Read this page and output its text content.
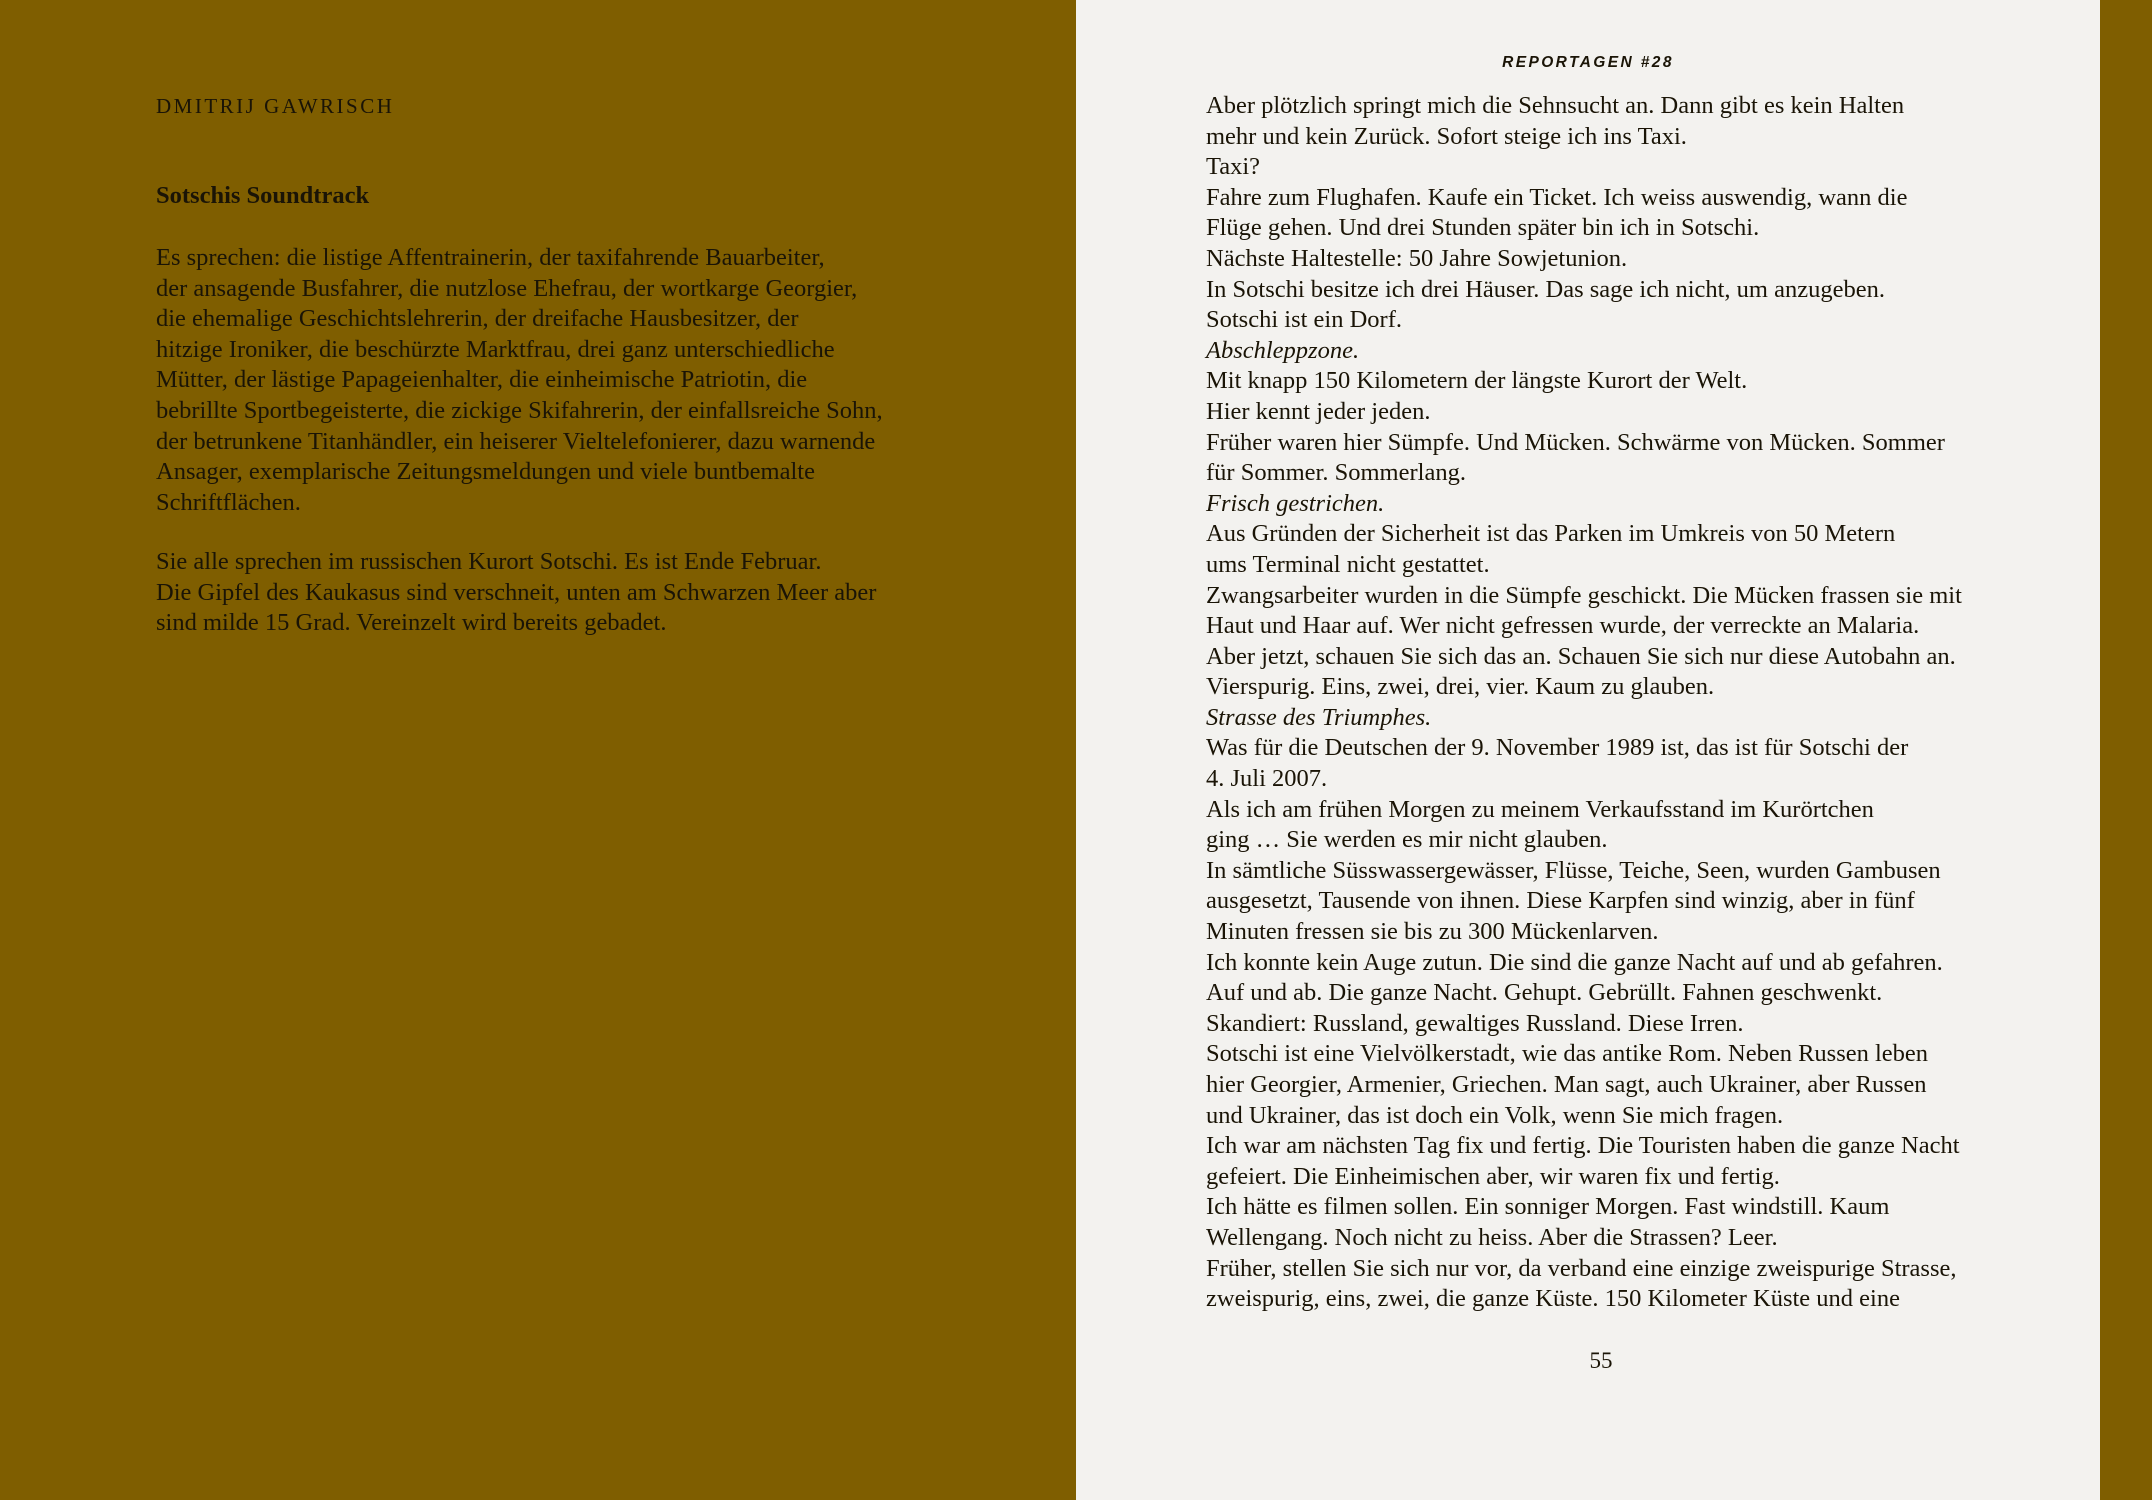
DMITRIJ GAWRISCH

Sotschis Soundtrack
Es sprechen: die listige Affentrainerin, der taxifahrende Bauarbeiter,
der ansagende Busfahrer, die nutzlose Ehefrau, der wortkarge Georgier,
die ehemalige Geschichtslehrerin, der dreifache Hausbesitzer, der
hitzige Ironiker, die beschürzte Marktfrau, drei ganz unterschiedliche
Mütter, der lästige Papageienhalter, die einheimische Patriotin, die
bebrillte Sportbegeisterte, die zickige Skifahrerin, der einfallsreiche Sohn,
der betrunkene Titanhändler, ein heiserer Vieltelefonierer, dazu warnende
Ansager, exemplarische Zeitungsmeldungen und viele buntbemalte
Schriftflächen.
Sie alle sprechen im russischen Kurort Sotschi. Es ist Ende Februar.
Die Gipfel des Kaukasus sind verschneit, unten am Schwarzen Meer aber
sind milde 15 Grad. Vereinzelt wird bereits gebadet.

REPORTAGEN #28

Aber plötzlich springt mich die Sehnsucht an. Dann gibt es kein Halten
mehr und kein Zurück. Sofort steige ich ins Taxi.
Taxi?
Fahre zum Flughafen. Kaufe ein Ticket. Ich weiss auswendig, wann die
Flüge gehen. Und drei Stunden später bin ich in Sotschi.
Nächste Haltestelle: 50 Jahre Sowjetunion.
In Sotschi besitze ich drei Häuser. Das sage ich nicht, um anzugeben.
Sotschi ist ein Dorf.
Abschleppzone.
Mit knapp 150 Kilometern der längste Kurort der Welt.
Hier kennt jeder jeden.
Früher waren hier Sümpfe. Und Mücken. Schwärme von Mücken. Sommer
für Sommer. Sommerlang.
Frisch gestrichen.
Aus Gründen der Sicherheit ist das Parken im Umkreis von 50 Metern
ums Terminal nicht gestattet.
Zwangsarbeiter wurden in die Sümpfe geschickt. Die Mücken frassen sie mit
Haut und Haar auf. Wer nicht gefressen wurde, der verreckte an Malaria.
Aber jetzt, schauen Sie sich das an. Schauen Sie sich nur diese Autobahn an.
Vierspurig. Eins, zwei, drei, vier. Kaum zu glauben.
Strasse des Triumphes.
Was für die Deutschen der 9. November 1989 ist, das ist für Sotschi der
4. Juli 2007.
Als ich am frühen Morgen zu meinem Verkaufsstand im Kurörtchen
ging … Sie werden es mir nicht glauben.
In sämtliche Süsswassergewässer, Flüsse, Teiche, Seen, wurden Gambusen
ausgesetzt, Tausende von ihnen. Diese Karpfen sind winzig, aber in fünf
Minuten fressen sie bis zu 300 Mückenlarven.
Ich konnte kein Auge zutun. Die sind die ganze Nacht auf und ab gefahren.
Auf und ab. Die ganze Nacht. Gehupt. Gebrüllt. Fahnen geschwenkt.
Skandiert: Russland, gewaltiges Russland. Diese Irren.
Sotschi ist eine Vielvölkerstadt, wie das antike Rom. Neben Russen leben
hier Georgier, Armenier, Griechen. Man sagt, auch Ukrainer, aber Russen
und Ukrainer, das ist doch ein Volk, wenn Sie mich fragen.
Ich war am nächsten Tag fix und fertig. Die Touristen haben die ganze Nacht
gefeiert. Die Einheimischen aber, wir waren fix und fertig.
Ich hätte es filmen sollen. Ein sonniger Morgen. Fast windstill. Kaum
Wellengang. Noch nicht zu heiss. Aber die Strassen? Leer.
Früher, stellen Sie sich nur vor, da verband eine einzige zweispurige Strasse,
zweispurig, eins, zwei, die ganze Küste. 150 Kilometer Küste und eine

55
